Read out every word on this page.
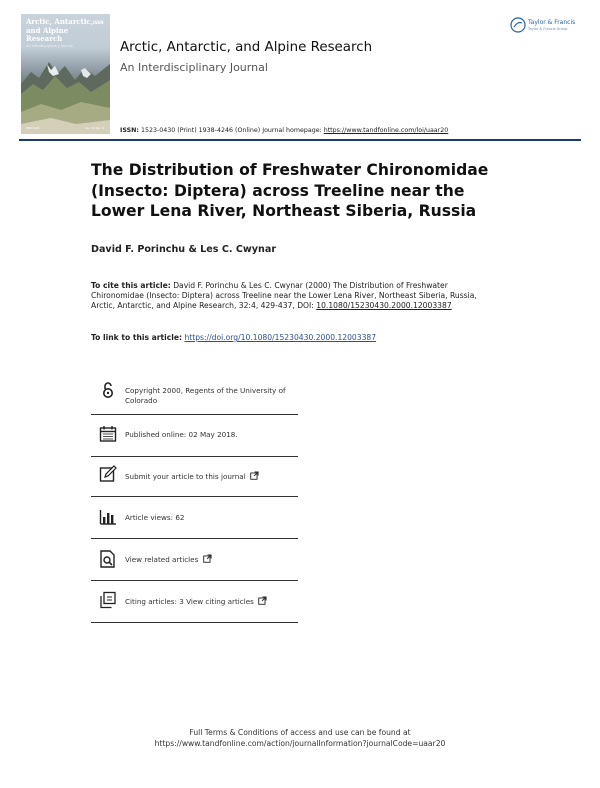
Arctic, Antarctic, and Alpine Research
An Interdisciplinary Journal
ISSN
INSTAAR	Vol. 32 No. 4
Arctic, Antarctic, and Alpine Research
An Interdisciplinary Journal
ISSN: 1523-0430 (Print) 1938-4246 (Online) Journal homepage: https://www.tandfonline.com/loi/uaar20
Taylor & Francis
Taylor & Francis Group
The Distribution of Freshwater Chironomidae (Insecto: Diptera) across Treeline near the Lower Lena River, Northeast Siberia, Russia
David F. Porinchu & Les C. Cwynar
To cite this article: David F. Porinchu & Les C. Cwynar (2000) The Distribution of Freshwater Chironomidae (Insecto: Diptera) across Treeline near the Lower Lena River, Northeast Siberia, Russia, Arctic, Antarctic, and Alpine Research, 32:4, 429-437, DOI: 10.1080/15230430.2000.12003387
To link to this article: https://doi.org/10.1080/15230430.2000.12003387
Copyright 2000, Regents of the University of Colorado
Published online: 02 May 2018.
Submit your article to this journal
Article views: 62
View related articles
Citing articles: 3 View citing articles
Full Terms & Conditions of access and use can be found at
https://www.tandfonline.com/action/journalInformation?journalCode=uaar20
